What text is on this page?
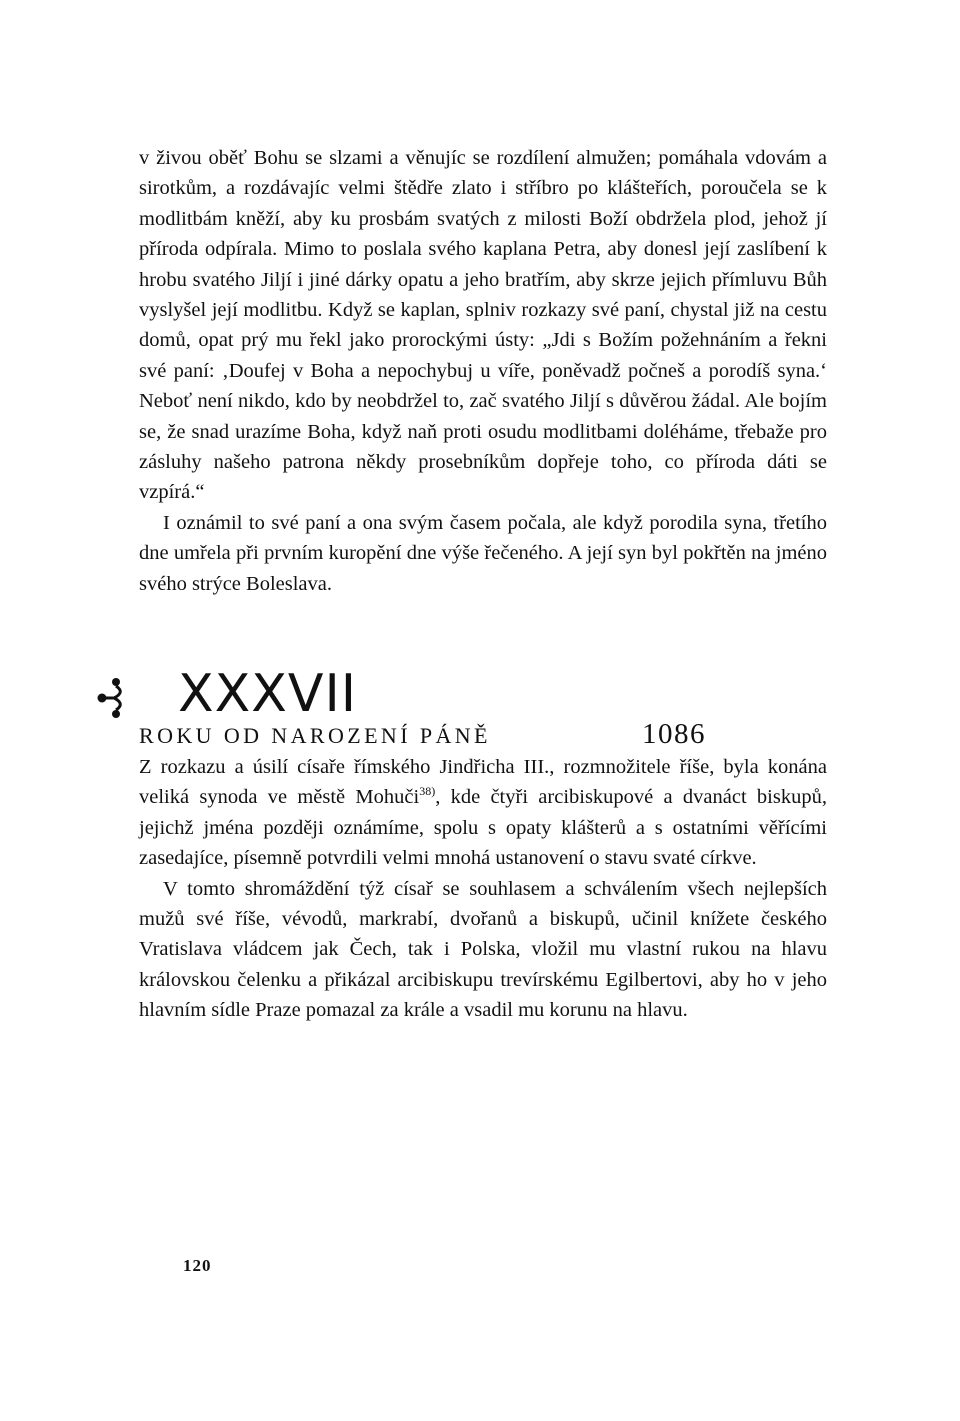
v živou oběť Bohu se slzami a věnujíc se rozdílení almužen; pomáhala vdovám a sirotkům, a rozdávajíc velmi štědře zlato i stříbro po klášteřích, poroučela se k modlitbám kněží, aby ku prosbám svatých z milosti Boží obdržela plod, jehož jí příroda odpírala. Mimo to poslala svého kaplana Petra, aby donesl její zaslíbení k hrobu svatého Jiljí i jiné dárky opatu a jeho bratřím, aby skrze jejich přímluvu Bůh vyslyšel její modlitbu. Když se kaplan, splniv rozkazy své paní, chystal již na cestu domů, opat prý mu řekl jako prorockými ústy: „Jdi s Božím požehnáním a řekni své paní: ‚Doufej v Boha a nepochybuj u víře, poněvadž počneš a porodíš syna.‘ Neboť není nikdo, kdo by neobdržel to, zač svatého Jiljí s důvěrou žádal. Ale bojím se, že snad urazíme Boha, když naň proti osudu modlitbami doléháme, třebaže pro zásluhy našeho patrona někdy prosebníkům dopřeje toho, co příroda dáti se vzpírá.“

I oznámil to své paní a ona svým časem počala, ale když porodila syna, třetího dne umřela při prvním kuropění dne výše řečeného. A její syn byl pokřtěn na jméno svého strýce Boleslava.

XXXVII
ROKU OD NAROZENÍ PÁNĚ	1086

Z rozkazu a úsilí císaře římského Jindřicha III., rozmnožitele říše, byla konána veliká synoda ve městě Mohuči$^{38)}$, kde čtyři arcibiskupové a dvanáct biskupů, jejichž jména později oznámíme, spolu s opaty klášterů a s ostatními věřícími zasedajíce, písemně potvrdili velmi mnohá ustanovení o stavu svaté církve.

V tomto shromáždění týž císař se souhlasem a schválením všech nejlepších mužů své říše, vévodů, markrabí, dvořanů a biskupů, učinil knížete českého Vratislava vládcem jak Čech, tak i Polska, vložil mu vlastní rukou na hlavu královskou čelenku a přikázal arcibiskupu trevírskému Egilbertovi, aby ho v jeho hlavním sídle Praze pomazal za krále a vsadil mu korunu na hlavu.

120
